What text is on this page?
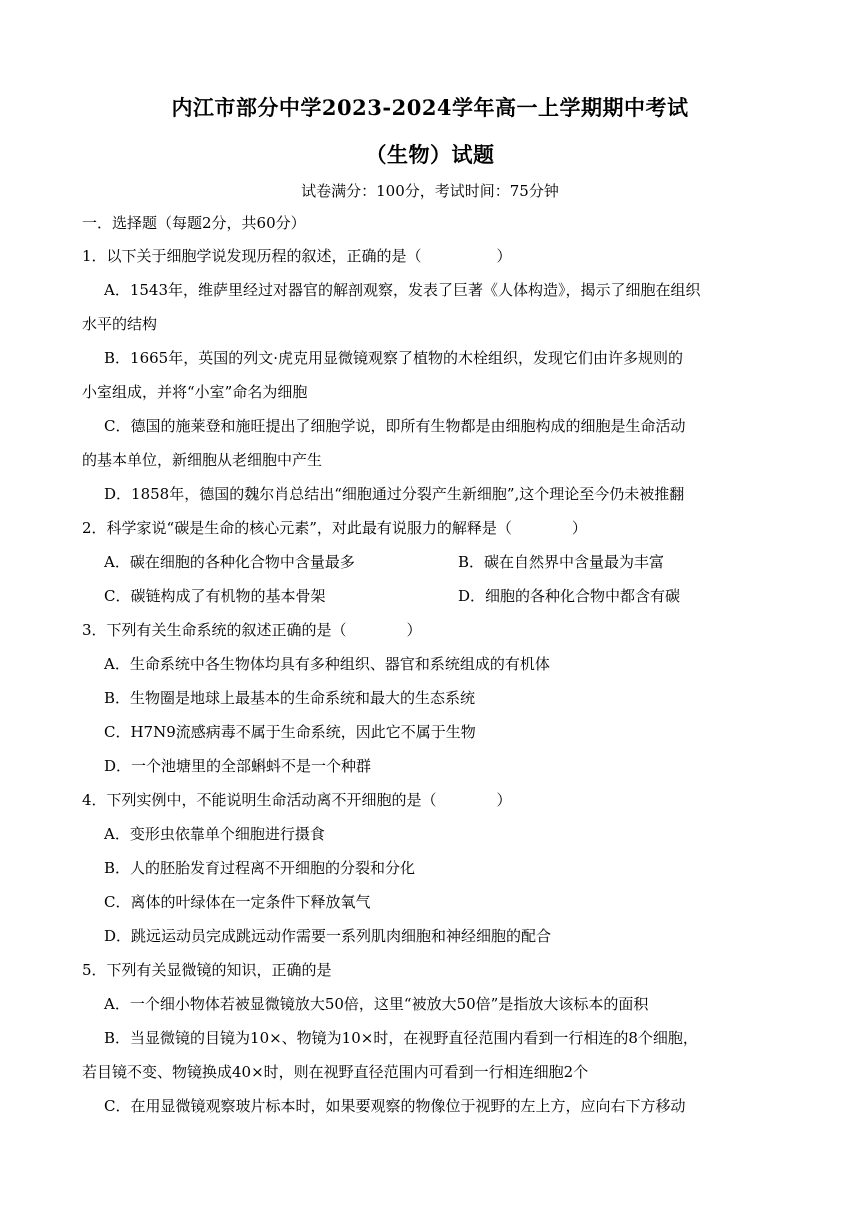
内江市部分中学2023-2024学年高一上学期期中考试
（生物）试题
试卷满分：100分，考试时间：75分钟
一．选择题（每题2分，共60分）
1．以下关于细胞学说发现历程的叙述，正确的是（　　　　　）
A．1543年，维萨里经过对器官的解剖观察，发表了巨著《人体构造》，揭示了细胞在组织
水平的结构
B．1665年，英国的列文·虎克用显微镜观察了植物的木栓组织，发现它们由许多规则的
小室组成，并将“小室”命名为细胞
C．德国的施莱登和施旺提出了细胞学说，即所有生物都是由细胞构成的细胞是生命活动
的基本单位，新细胞从老细胞中产生
D．1858年，德国的魏尔肖总结出“细胞通过分裂产生新细胞”,这个理论至今仍未被推翻
2．科学家说“碳是生命的核心元素”，对此最有说服力的解释是（　　　　）
A．碳在细胞的各种化合物中含量最多	B．碳在自然界中含量最为丰富
C．碳链构成了有机物的基本骨架	D．细胞的各种化合物中都含有碳
3．下列有关生命系统的叙述正确的是（　　　　）
A．生命系统中各生物体均具有多种组织、器官和系统组成的有机体
B．生物圈是地球上最基本的生命系统和最大的生态系统
C．H7N9流感病毒不属于生命系统，因此它不属于生物
D．一个池塘里的全部蝌蚪不是一个种群
4．下列实例中，不能说明生命活动离不开细胞的是（　　　　）
A．变形虫依靠单个细胞进行摄食
B．人的胚胎发育过程离不开细胞的分裂和分化
C．离体的叶绿体在一定条件下释放氧气
D．跳远运动员完成跳远动作需要一系列肌肉细胞和神经细胞的配合
5．下列有关显微镜的知识，正确的是
A．一个细小物体若被显微镜放大50倍，这里“被放大50倍”是指放大该标本的面积
B．当显微镜的目镜为10×、物镜为10×时，在视野直径范围内看到一行相连的8个细胞，
若目镜不变、物镜换成40×时，则在视野直径范围内可看到一行相连细胞2个
C．在用显微镜观察玻片标本时，如果要观察的物像位于视野的左上方，应向右下方移动
